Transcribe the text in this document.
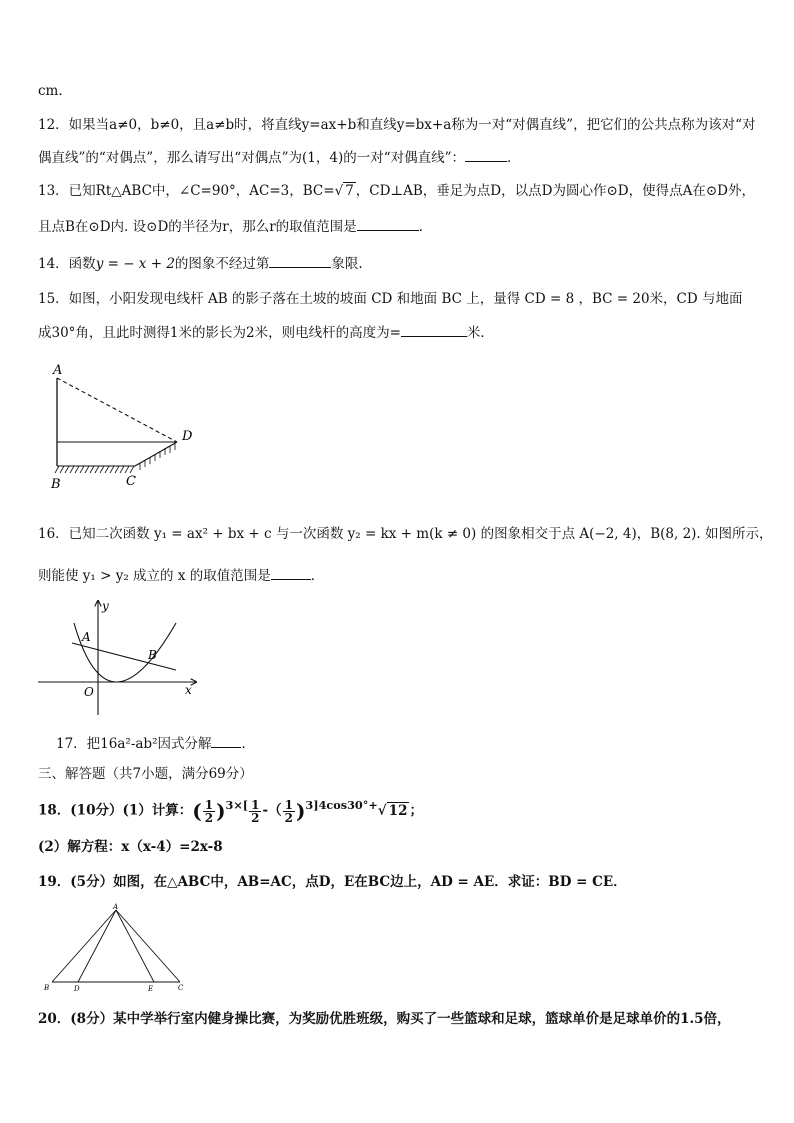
cm．
12．如果当a≠0，b≠0，且a≠b时，将直线y=ax+b和直线y=bx+a称为一对“对偶直线”，把它们的公共点称为该对“对
偶直线”的“对偶点”，那么请写出“对偶点”为(1，4)的一对“对偶直线”：	．
13．已知Rt△ABC中，∠C=90°，AC=3，BC=√ 7 ，CD⊥AB，垂足为点D，以点D为圆心作⊙D，使得点A在⊙D外，
且点B在⊙D内. 设⊙D的半径为r，那么r的取值范围是	．
14．函数y = − x + 2的图象不经过第	象限.
15．如图，小阳发现电线杆 AB 的影子落在土坡的坡面 CD 和地面 BC 上，量得 CD = 8 ，BC = 20米，CD 与地面
成30°角，且此时测得1米的影长为2米，则电线杆的高度为=	米．
A
B	C
D
16．已知二次函数 y₁ = ax² + bx + c 与一次函数 y₂ = kx + m(k ≠ 0) 的图象相交于点 A(−2, 4)，B(8, 2). 如图所示，
则能使 y₁ > y₂ 成立的 x 的取值范围是	．
y
x
O
A
B
17．把16a²-ab²因式分解 ．
三、解答题（共7小题，满分69分）
18．(10分）(1）计算：( $\frac{1}{2} )^{3\times[} \frac{1}{2}$ -（ $\frac{1}{2} )^{3]4cos30^\circ+}√$ 12 ；
(2）解方程：x（x-4）=2x-8
19．(5分）如图，在△ABC中，AB=AC，点D，E在BC边上，AD = AE．求证：BD = CE．
A
B	D	E	C
20．(8分）某中学举行室内健身操比赛，为奖励优胜班级，购买了一些篮球和足球，篮球单价是足球单价的1.5倍，
